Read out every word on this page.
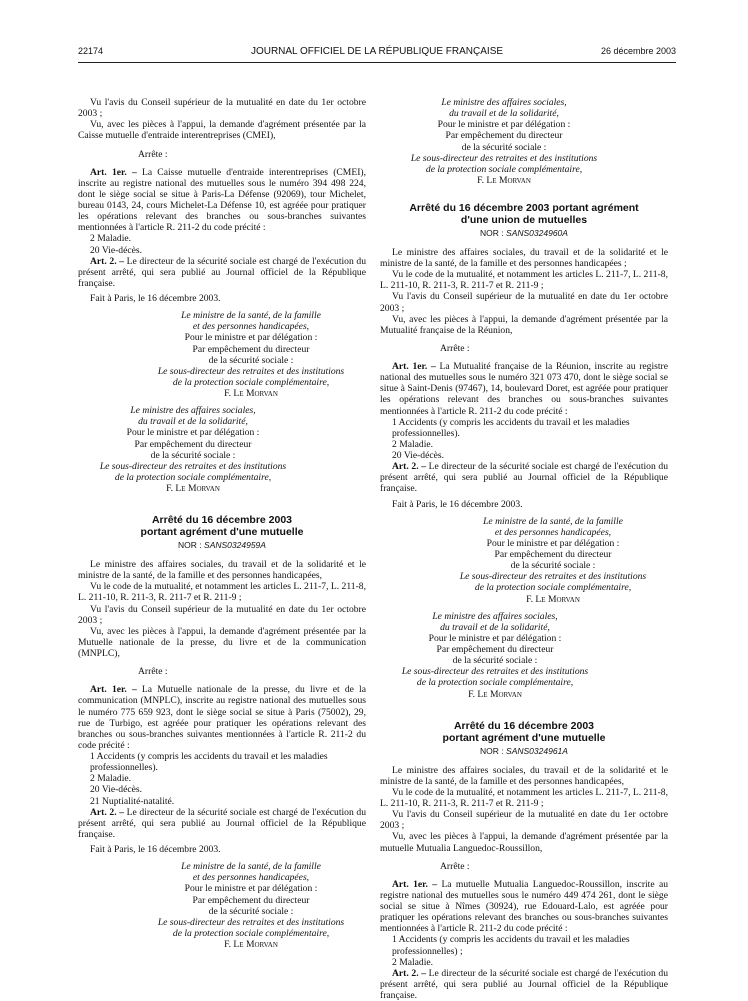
22174	JOURNAL OFFICIEL DE LA RÉPUBLIQUE FRANÇAISE	26 décembre 2003

Vu l'avis du Conseil supérieur de la mutualité en date du 1er octobre 2003 ;

Vu, avec les pièces à l'appui, la demande d'agrément présentée par la Caisse mutuelle d'entraide interentreprises (CMEI),

Arrête :

Art. 1er. – La Caisse mutuelle d'entraide interentreprises (CMEI), inscrite au registre national des mutuelles sous le numéro 394 498 224, dont le siège social se situe à Paris-La Défense (92069), tour Michelet, bureau 0143, 24, cours Michelet-La Défense 10, est agréée pour pratiquer les opérations relevant des branches ou sous-branches suivantes mentionnées à l'article R. 211-2 du code précité :

2 Maladie.
20 Vie-décès.

Art. 2. – Le directeur de la sécurité sociale est chargé de l'exécution du présent arrêté, qui sera publié au Journal officiel de la République française.

Fait à Paris, le 16 décembre 2003.

Le ministre de la santé, de la famille
et des personnes handicapées,
Pour le ministre et par délégation :
Par empêchement du directeur
de la sécurité sociale :
Le sous-directeur des retraites et des institutions
de la protection sociale complémentaire,
F. Le Morvan
Le ministre des affaires sociales,
du travail et de la solidarité,
Pour le ministre et par délégation :
Par empêchement du directeur
de la sécurité sociale :
Le sous-directeur des retraites et des institutions
de la protection sociale complémentaire,
F. Le Morvan
Arrêté du 16 décembre 2003
portant agrément d'une mutuelle
NOR : SANS0324959A

Le ministre des affaires sociales, du travail et de la solidarité et le ministre de la santé, de la famille et des personnes handicapées,

Vu le code de la mutualité, et notamment les articles L. 211-7, L. 211-8, L. 211-10, R. 211-3, R. 211-7 et R. 211-9 ;

Vu l'avis du Conseil supérieur de la mutualité en date du 1er octobre 2003 ;

Vu, avec les pièces à l'appui, la demande d'agrément présentée par la Mutuelle nationale de la presse, du livre et de la communication (MNPLC),

Arrête :

Art. 1er. – La Mutuelle nationale de la presse, du livre et de la communication (MNPLC), inscrite au registre national des mutuelles sous le numéro 775 659 923, dont le siège social se situe à Paris (75002), 29, rue de Turbigo, est agréée pour pratiquer les opérations relevant des branches ou sous-branches suivantes mentionnées à l'article R. 211-2 du code précité :

1 Accidents (y compris les accidents du travail et les maladies professionnelles).
2 Maladie.
20 Vie-décès.
21 Nuptialité-natalité.

Art. 2. – Le directeur de la sécurité sociale est chargé de l'exécution du présent arrêté, qui sera publié au Journal officiel de la République française.

Fait à Paris, le 16 décembre 2003.

Le ministre de la santé, de la famille
et des personnes handicapées,
Pour le ministre et par délégation :
Par empêchement du directeur
de la sécurité sociale :
Le sous-directeur des retraites et des institutions
de la protection sociale complémentaire,
F. Le Morvan
Le ministre des affaires sociales,
du travail et de la solidarité,
Pour le ministre et par délégation :
Par empêchement du directeur
de la sécurité sociale :
Le sous-directeur des retraites et des institutions
de la protection sociale complémentaire,
F. Le Morvan
Arrêté du 16 décembre 2003 portant agrément
d'une union de mutuelles
NOR : SANS0324960A

Le ministre des affaires sociales, du travail et de la solidarité et le ministre de la santé, de la famille et des personnes handicapées ;

Vu le code de la mutualité, et notamment les articles L. 211-7, L. 211-8, L. 211-10, R. 211-3, R. 211-7 et R. 211-9 ;

Vu l'avis du Conseil supérieur de la mutualité en date du 1er octobre 2003 ;

Vu, avec les pièces à l'appui, la demande d'agrément présentée par la Mutualité française de la Réunion,

Arrête :

Art. 1er. – La Mutualité française de la Réunion, inscrite au registre national des mutuelles sous le numéro 321 073 470, dont le siège social se situe à Saint-Denis (97467), 14, boulevard Doret, est agréée pour pratiquer les opérations relevant des branches ou sous-branches suivantes mentionnées à l'article R. 211-2 du code précité :

1 Accidents (y compris les accidents du travail et les maladies professionnelles).
2 Maladie.
20 Vie-décès.

Art. 2. – Le directeur de la sécurité sociale est chargé de l'exécution du présent arrêté, qui sera publié au Journal officiel de la République française.

Fait à Paris, le 16 décembre 2003.

Le ministre de la santé, de la famille
et des personnes handicapées,
Pour le ministre et par délégation :
Par empêchement du directeur
de la sécurité sociale :
Le sous-directeur des retraites et des institutions
de la protection sociale complémentaire,
F. Le Morvan
Le ministre des affaires sociales,
du travail et de la solidarité,
Pour le ministre et par délégation :
Par empêchement du directeur
de la sécurité sociale :
Le sous-directeur des retraites et des institutions
de la protection sociale complémentaire,
F. Le Morvan
Arrêté du 16 décembre 2003
portant agrément d'une mutuelle
NOR : SANS0324961A

Le ministre des affaires sociales, du travail et de la solidarité et le ministre de la santé, de la famille et des personnes handicapées,

Vu le code de la mutualité, et notamment les articles L. 211-7, L. 211-8, L. 211-10, R. 211-3, R. 211-7 et R. 211-9 ;

Vu l'avis du Conseil supérieur de la mutualité en date du 1er octobre 2003 ;

Vu, avec les pièces à l'appui, la demande d'agrément présentée par la mutuelle Mutualia Languedoc-Roussillon,

Arrête :

Art. 1er. – La mutuelle Mutualia Languedoc-Roussillon, inscrite au registre national des mutuelles sous le numéro 449 474 261, dont le siège social se situe à Nîmes (30924), rue Edouard-Lalo, est agréée pour pratiquer les opérations relevant des branches ou sous-branches suivantes mentionnées à l'article R. 211-2 du code précité :

1 Accidents (y compris les accidents du travail et les maladies professionnelles) ;
2 Maladie.

Art. 2. – Le directeur de la sécurité sociale est chargé de l'exécution du présent arrêté, qui sera publié au Journal officiel de la République française.
